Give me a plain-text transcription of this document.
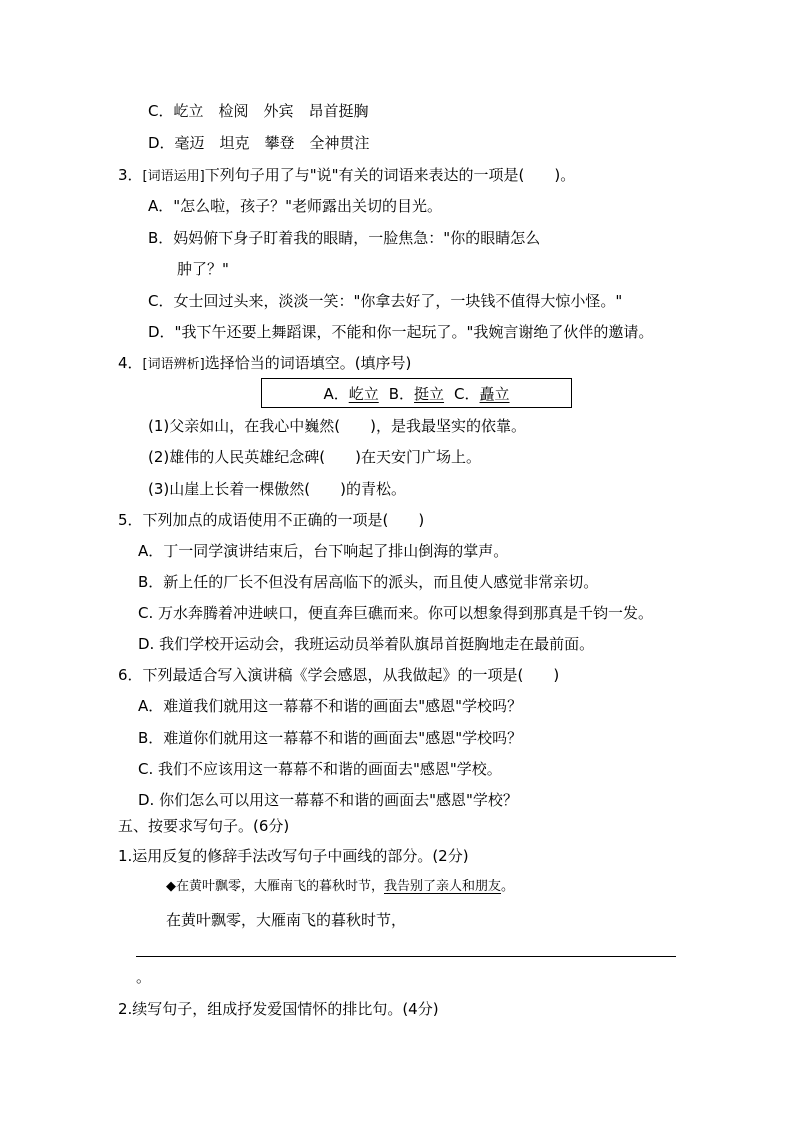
C．屹立　检阅　外宾　昂首挺胸
D．毫迈　坦克　攀登　全神贯注
3．[词语运用]下列句子用了与"说"有关的词语来表达的一项是(　　)。
A．"怎么啦，孩子？"老师露出关切的目光。
B．妈妈俯下身子盯着我的眼睛，一脸焦急："你的眼睛怎么
肿了？"
C．女士回过头来，淡淡一笑："你拿去好了，一块钱不值得大惊小怪。"
D．"我下午还要上舞蹈课，不能和你一起玩了。"我婉言谢绝了伙伴的邀请。
4．[词语辨析]选择恰当的词语填空。(填序号)
A．屹立 B．挺立 C．矗立
(1)父亲如山，在我心中巍然(　　)，是我最坚实的依靠。
(2)雄伟的人民英雄纪念碑(　　)在天安门广场上。
(3)山崖上长着一棵傲然(　　)的青松。
5．下列加点的成语使用不正确的一项是(　　)
A．丁一同学演讲结束后，台下响起了排山倒海的掌声。
B．新上任的厂长不但没有居高临下的派头，而且使人感觉非常亲切。
C. 万水奔腾着冲进峡口，便直奔巨礁而来。你可以想象得到那真是千钧一发。
D. 我们学校开运动会，我班运动员举着队旗昂首挺胸地走在最前面。
6．下列最适合写入演讲稿《学会感恩，从我做起》的一项是(　　)
A．难道我们就用这一幕幕不和谐的画面去"感恩"学校吗？
B．难道你们就用这一幕幕不和谐的画面去"感恩"学校吗？
C. 我们不应该用这一幕幕不和谐的画面去"感恩"学校。
D. 你们怎么可以用这一幕幕不和谐的画面去"感恩"学校？
五、按要求写句子。(6分)
1.运用反复的修辞手法改写句子中画线的部分。(2分)
◆在黄叶飘零，大雁南飞的暮秋时节，我告别了亲人和朋友。
在黄叶飘零，大雁南飞的暮秋时节，
。
2.续写句子，组成抒发爱国情怀的排比句。(4分)
